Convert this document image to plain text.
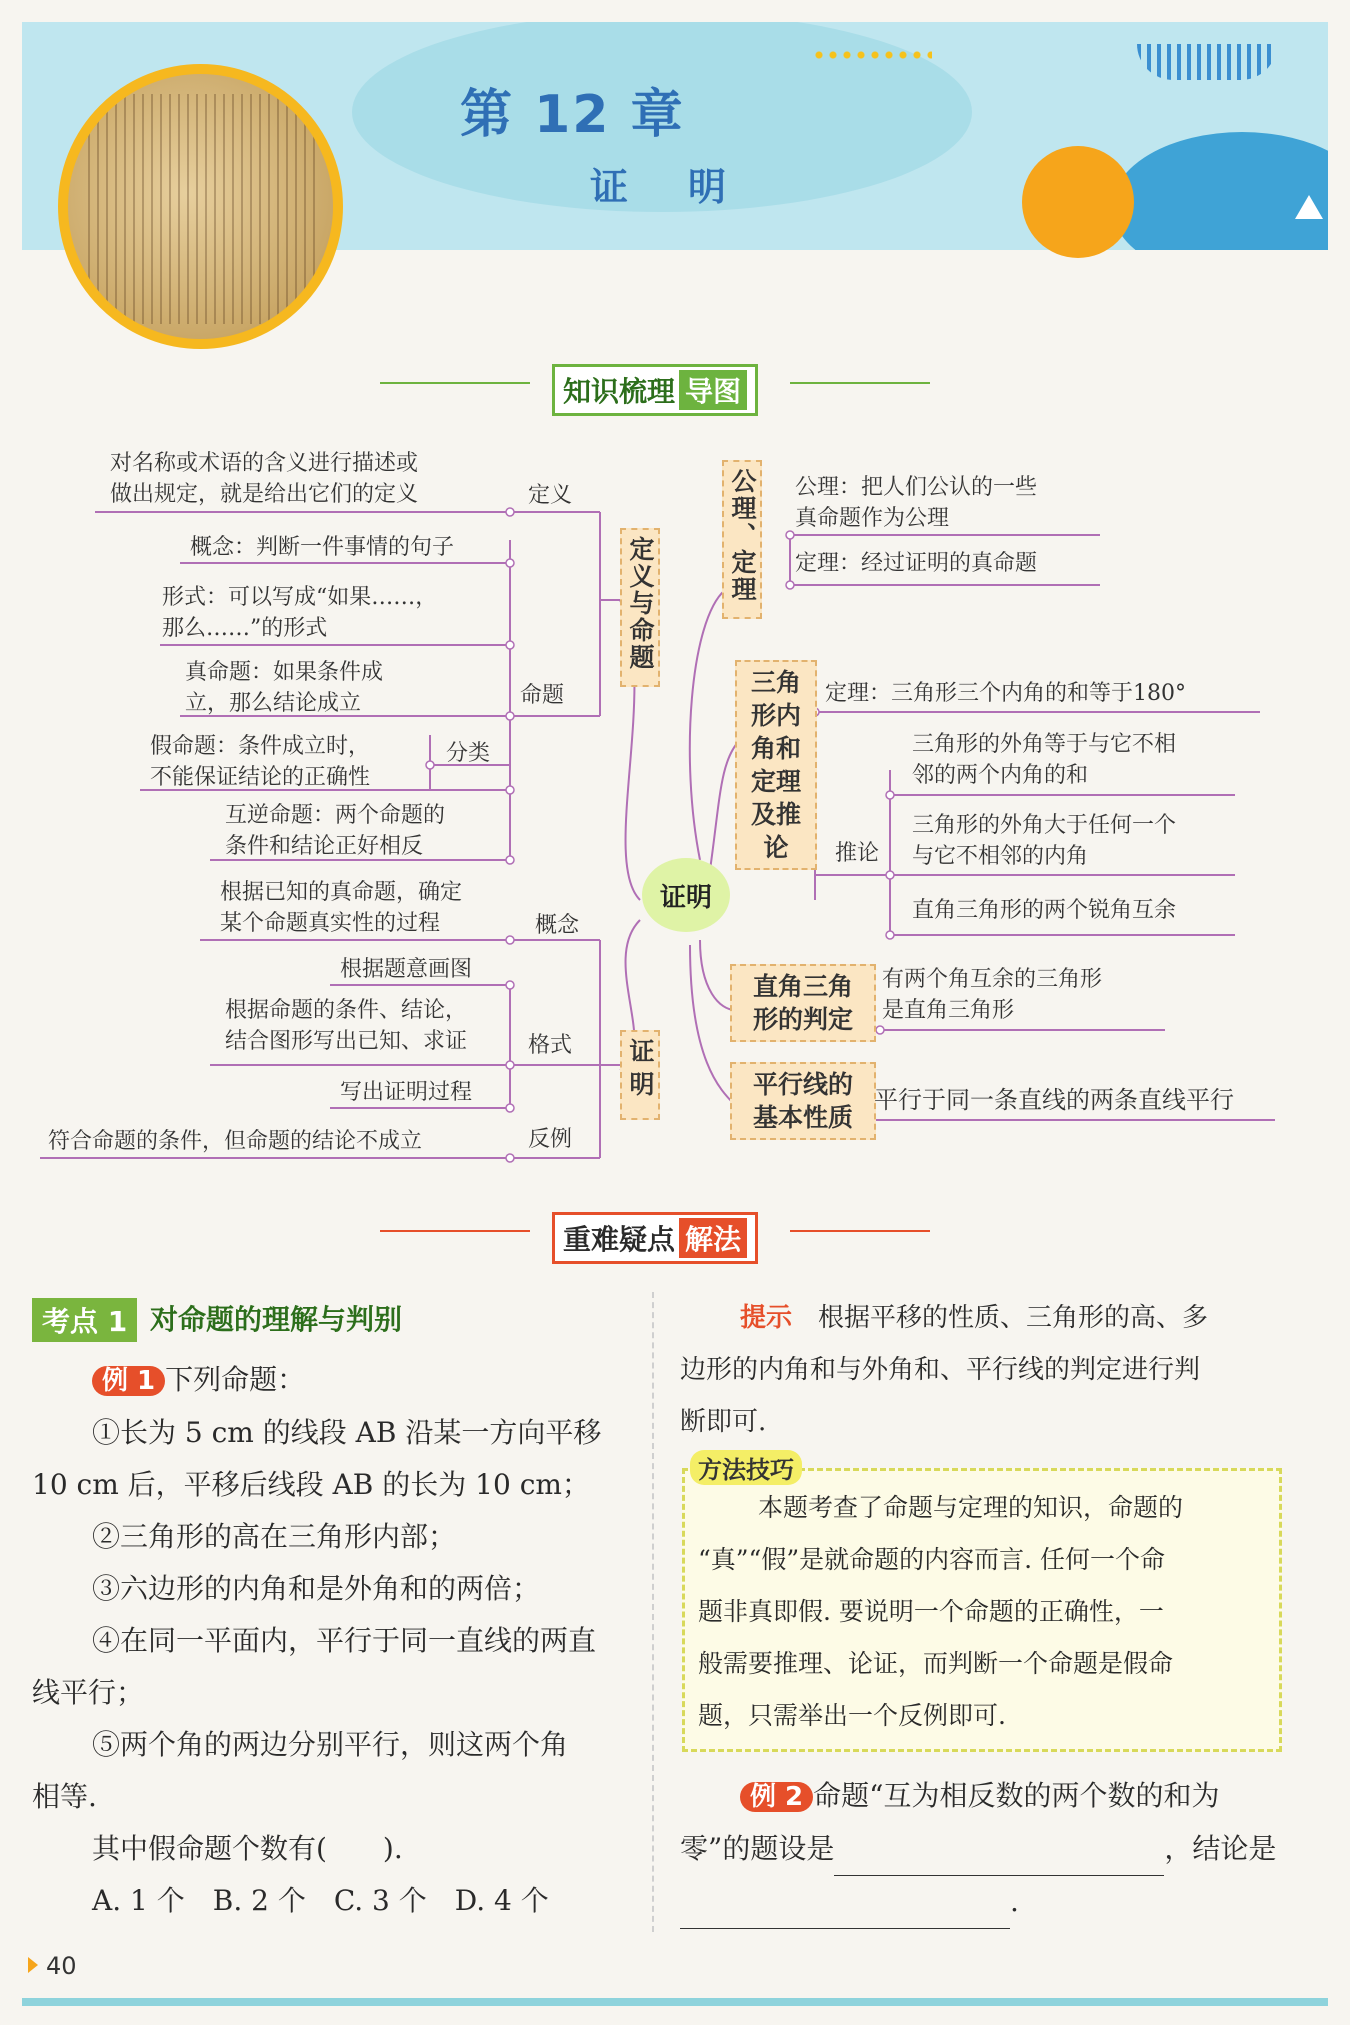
第 12 章
证明
知识梳理 导图
对名称或术语的含义进行描述或
做出规定，就是给出它们的定义	定义
概念：判断一件事情的句子
形式：可以写成“如果……，
那么……”的形式
命题
真命题：如果条件成
立，那么结论成立
假命题：条件成立时，
不能保证结论的正确性
分类
互逆命题：两个命题的
条件和结论正好相反
根据已知的真命题，确定
某个命题真实性的过程	概念
根据题意画图
根据命题的条件、结论，
结合图形写出已知、求证	格式
写出证明过程
符合命题的条件，但命题的结论不成立	反例
定义与命题
证明
证明
公理、定理
三角
形内
角和
定理
及推
论
直角三角
形的判定
平行线的
基本性质
公理：把人们公认的一些
真命题作为公理
定理：经过证明的真命题
定理：三角形三个内角的和等于180°
三角形的外角等于与它不相
邻的两个内角的和
推论
三角形的外角大于任何一个
与它不相邻的内角
直角三角形的两个锐角互余
有两个角互余的三角形
是直角三角形
平行于同一条直线的两条直线平行
重难疑点 解法
考点 1 对命题的理解与判别
例 1 下列命题：
①长为 5 cm 的线段 AB 沿某一方向平移
10 cm 后，平移后线段 AB 的长为 10 cm；
②三角形的高在三角形内部；
③六边形的内角和是外角和的两倍；
④在同一平面内，平行于同一直线的两直
线平行；
⑤两个角的两边分别平行，则这两个角
相等.
其中假命题个数有(　　).
A. 1 个　B. 2 个　C. 3 个　D. 4 个
提示　 根据平移的性质、三角形的高、多
边形的内角和与外角和、平行线的判定进行判
断即可.
方法技巧
本题考查了命题与定理的知识，命题的
“真”“假”是就命题的内容而言. 任何一个命
题非真即假. 要说明一个命题的正确性，一
般需要推理、论证，而判断一个命题是假命
题，只需举出一个反例即可.
例 2 命题“互为相反数的两个数的和为
零”的题设是	，结论是
.
40
